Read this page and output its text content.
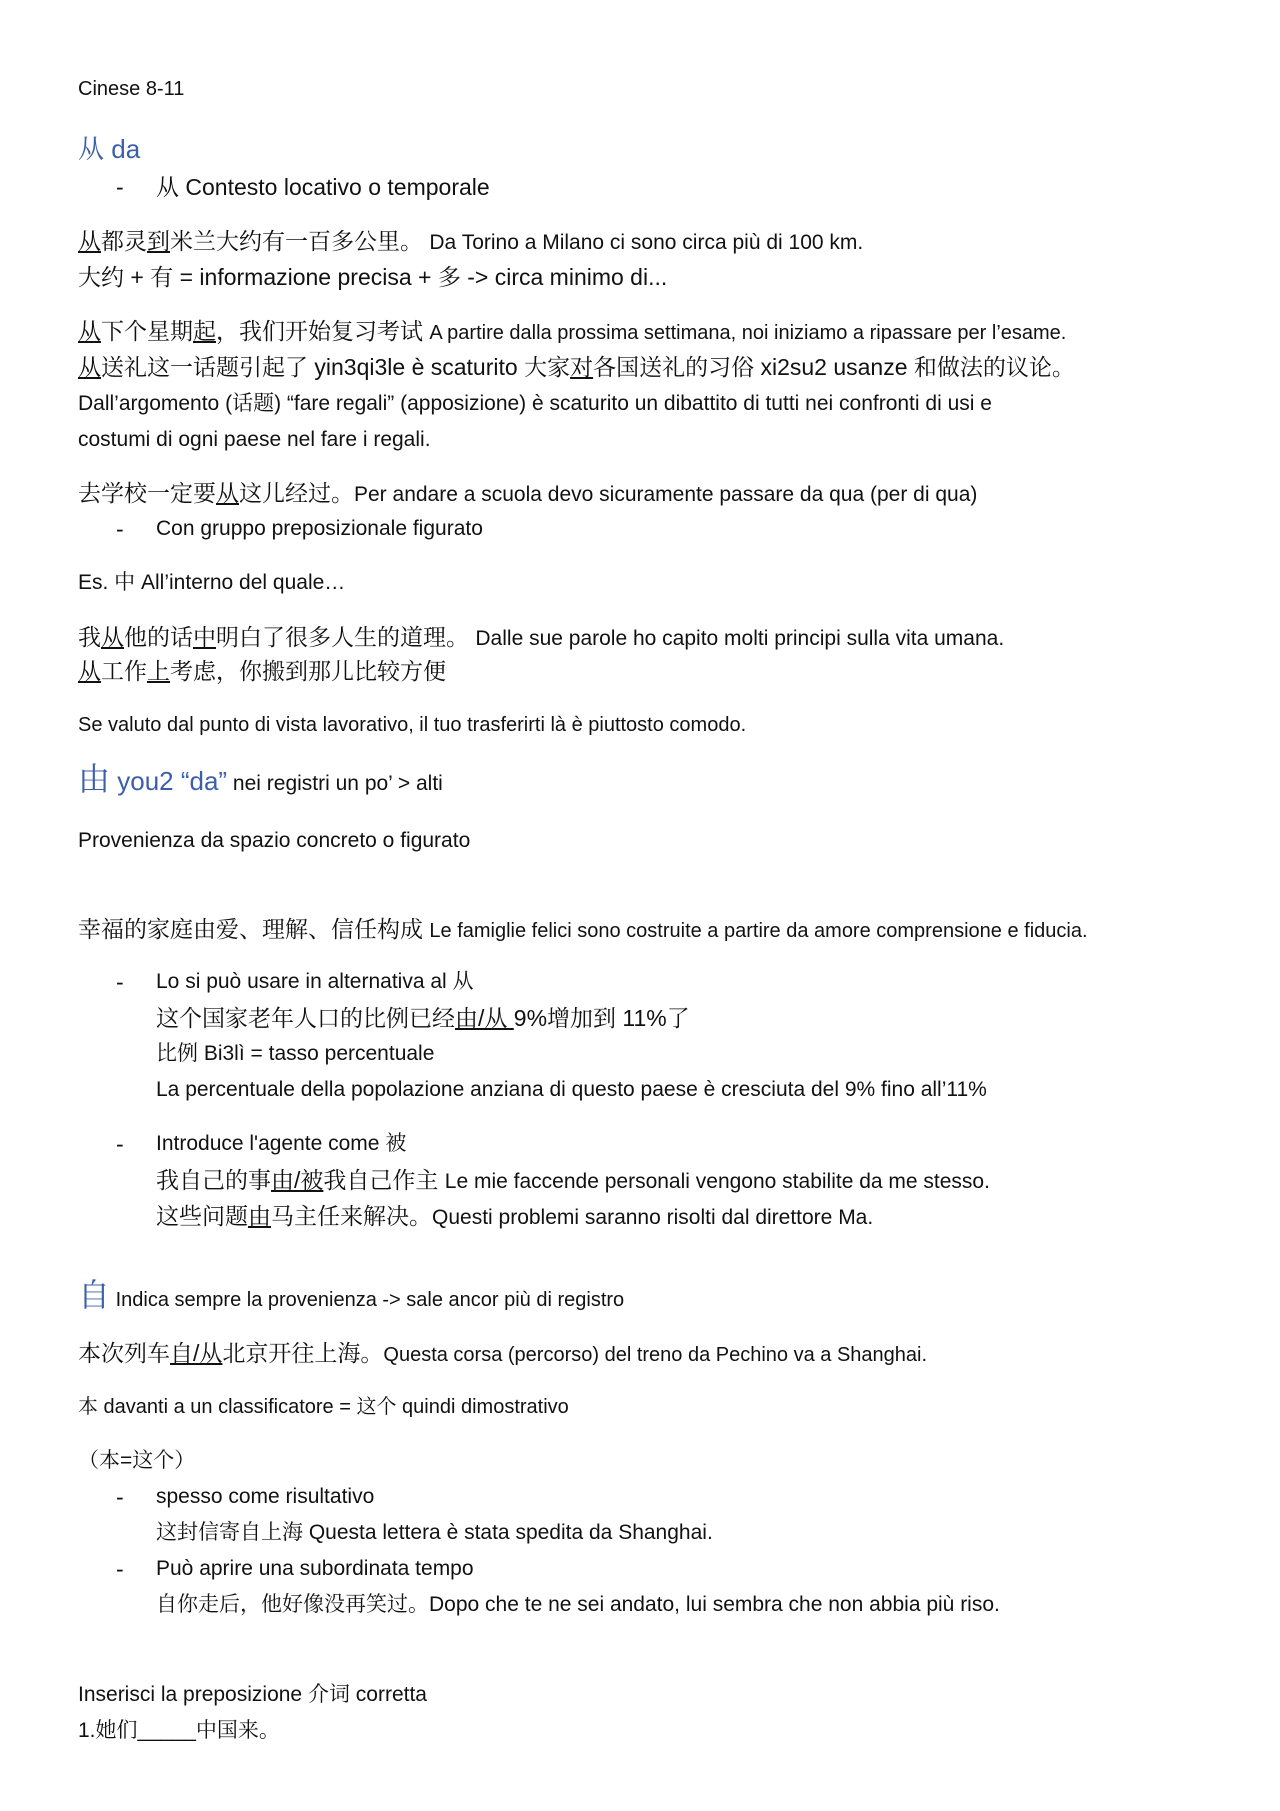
Cinese 8-11
从 da
- 从 Contesto locativo o temporale
从都灵到米兰大约有一百多公里。 Da Torino a Milano ci sono circa più di 100 km.
大约 + 有 = informazione precisa + 多 -> circa minimo di...
从下个星期起，我们开始复习考试 A partire dalla prossima settimana, noi iniziamo a ripassare per l’esame.
从送礼这一话题引起了 yin3qi3le è scaturito 大家对各国送礼的习俗 xi2su2 usanze 和做法的议论。
Dall’argomento (话题) “fare regali” (apposizione) è scaturito un dibattito di tutti nei confronti di usi e
costumi di ogni paese nel fare i regali.
去学校一定要从这儿经过。Per andare a scuola devo sicuramente passare da qua (per di qua)
- Con gruppo preposizionale figurato
Es. 中 All’interno del quale…
我从他的话中明白了很多人生的道理。 Dalle sue parole ho capito molti principi sulla vita umana.
从工作上考虑，你搬到那儿比较方便
Se valuto dal punto di vista lavorativo, il tuo trasferirti là è piuttosto comodo.
由 you2 “da” nei registri un po’ > alti
Provenienza da spazio concreto o figurato
幸福的家庭由爱、理解、信任构成 Le famiglie felici sono costruite a partire da amore comprensione e fiducia.
- Lo si può usare in alternativa al 从
这个国家老年人口的比例已经由/从 9%增加到 11%了
比例 Bi3lì = tasso percentuale
La percentuale della popolazione anziana di questo paese è cresciuta del 9% fino all’11%
- Introduce l'agente come 被
我自己的事由/被我自己作主 Le mie faccende personali vengono stabilite da me stesso.
这些问题由马主任来解决。Questi problemi saranno risolti dal direttore Ma.
自 Indica sempre la provenienza -> sale ancor più di registro
本次列车自/从北京开往上海。Questa corsa (percorso) del treno da Pechino va a Shanghai.
本 davanti a un classificatore = 这个 quindi dimostrativo
（本=这个）
- spesso come risultativo
这封信寄自上海 Questa lettera è stata spedita da Shanghai.
- Può aprire una subordinata tempo
自你走后，他好像没再笑过。Dopo che te ne sei andato, lui sembra che non abbia più riso.
Inserisci la preposizione 介词 corretta
1.她们_____中国来。
